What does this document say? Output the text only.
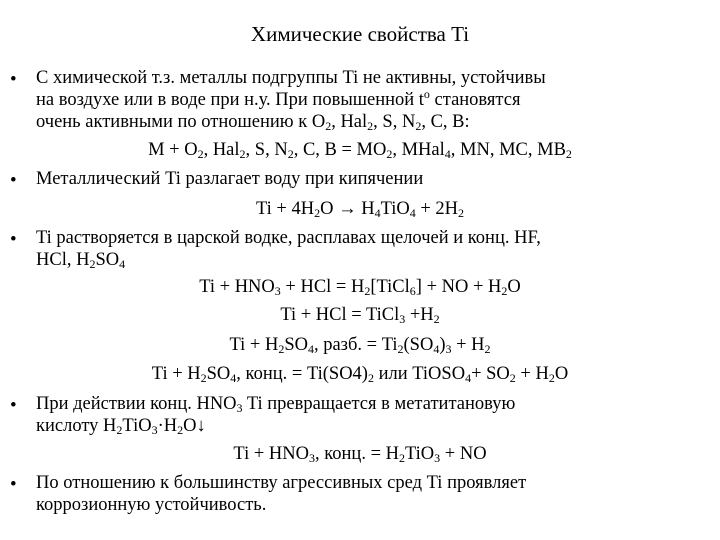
Химические свойства Ti
•	С химической т.з. металлы подгруппы Ti не активны, устойчивы
на воздухе или в воде при н.у. При повышенной $t^o$ становятся
очень активными по отношению к $O_2$, Hal$_2$, S, $N_2$, C, B:
$M + O_2$, Hal$_2$, S, $N_2$, C, $B = MO_2$, MHal$_4$, MN, MC, $MB_2$
•	Металлический Ti разлагает воду при кипячении
$Ti + 4H_2O \to H_4TiO_4 + 2H_2$
•	Ti растворяется в царской водке, расплавах щелочей и конц. HF,
HCl, $H_2SO_4$
$Ti + HNO_3$ + HCl = $H_2[TiCl_6]$ + NO + $H_2O$
Ti + HCl = TiCl$_3$ $+H_2$
$Ti + H_2SO_4$, разб. = $Ti_2(SO_4)_3 + H_2$
$Ti + H_2SO_4$, конц. = $Ti(SO4)_2$ или TiOSO$_4$+ $SO_2 + H_2O$
•	При действии конц. $HNO_3$ Ti превращается в метатитановую
кислоту $H_2TiO_3\cdot H_2O↓$
$Ti + HNO_3$, конц. = $H_2TiO_3$ + NO
•	По отношению к большинству агрессивных сред Ti проявляет
коррозионную устойчивость.
